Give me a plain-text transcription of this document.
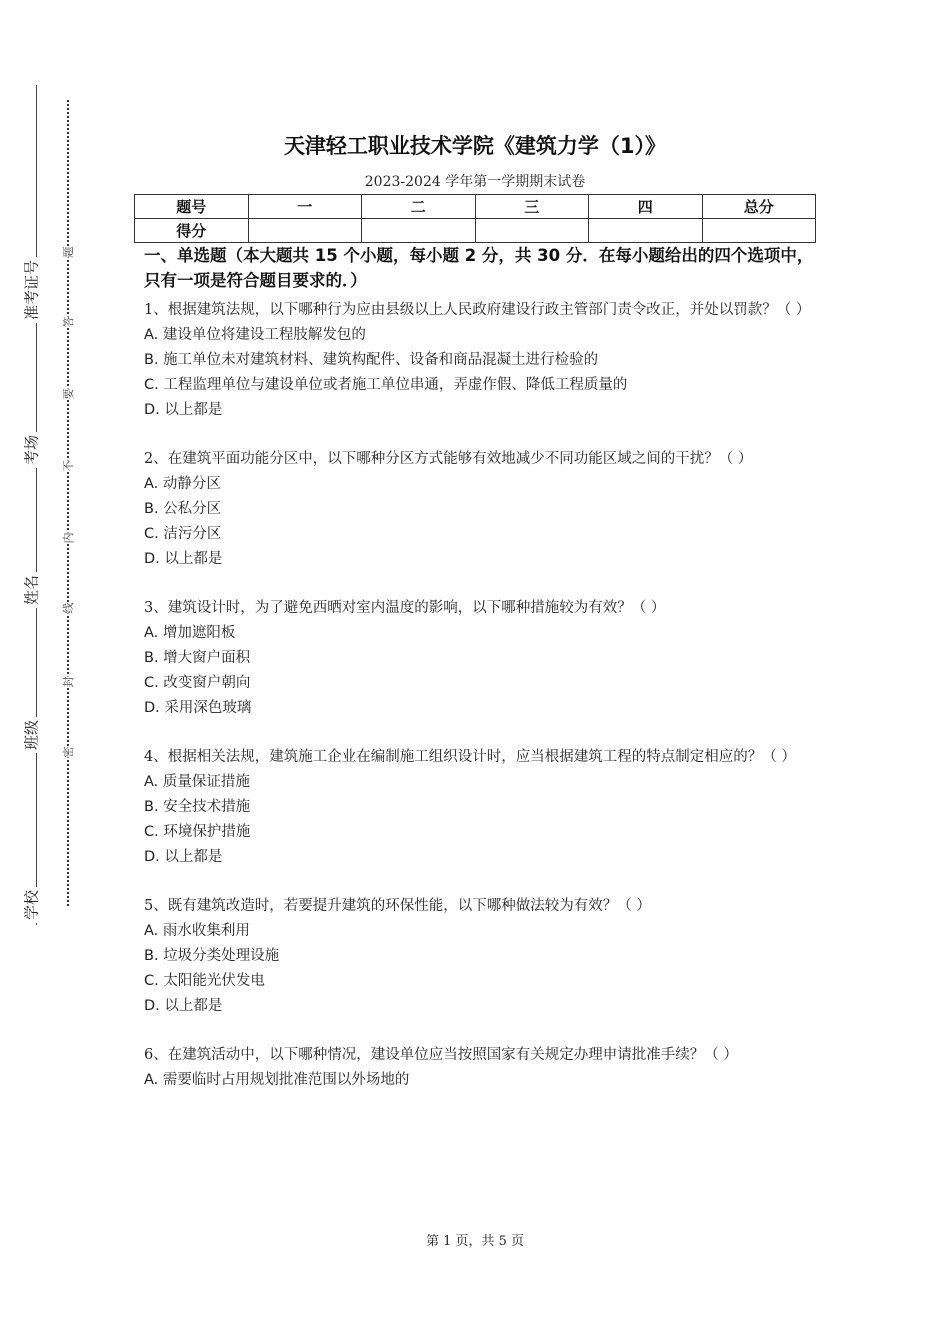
准考证号
考场
姓名
班级
学校
题
答
要
不
内
线
封
密
天津轻工职业技术学院《建筑力学（1）》
2023-2024 学年第一学期期末试卷
题号	一	二	三	四	总分
得分					

一、单选题（本大题共 15 个小题，每小题 2 分，共 30 分．在每小题给出的四个选项中，只有一项是符合题目要求的．）

1、根据建筑法规，以下哪种行为应由县级以上人民政府建设行政主管部门责令改正，并处以罚款？（ ）

A. 建设单位将建设工程肢解发包的

B. 施工单位未对建筑材料、建筑构配件、设备和商品混凝土进行检验的

C. 工程监理单位与建设单位或者施工单位串通，弄虚作假、降低工程质量的

D. 以上都是

2、在建筑平面功能分区中，以下哪种分区方式能够有效地减少不同功能区域之间的干扰？（ ）

A. 动静分区

B. 公私分区

C. 洁污分区

D. 以上都是

3、建筑设计时，为了避免西晒对室内温度的影响，以下哪种措施较为有效？（ ）

A. 增加遮阳板

B. 增大窗户面积

C. 改变窗户朝向

D. 采用深色玻璃

4、根据相关法规，建筑施工企业在编制施工组织设计时，应当根据建筑工程的特点制定相应的？（ ）

A. 质量保证措施

B. 安全技术措施

C. 环境保护措施

D. 以上都是

5、既有建筑改造时，若要提升建筑的环保性能，以下哪种做法较为有效？（ ）

A. 雨水收集利用

B. 垃圾分类处理设施

C. 太阳能光伏发电

D. 以上都是

6、在建筑活动中，以下哪种情况，建设单位应当按照国家有关规定办理申请批准手续？（ ）

A. 需要临时占用规划批准范围以外场地的

第 1 页，共 5 页
